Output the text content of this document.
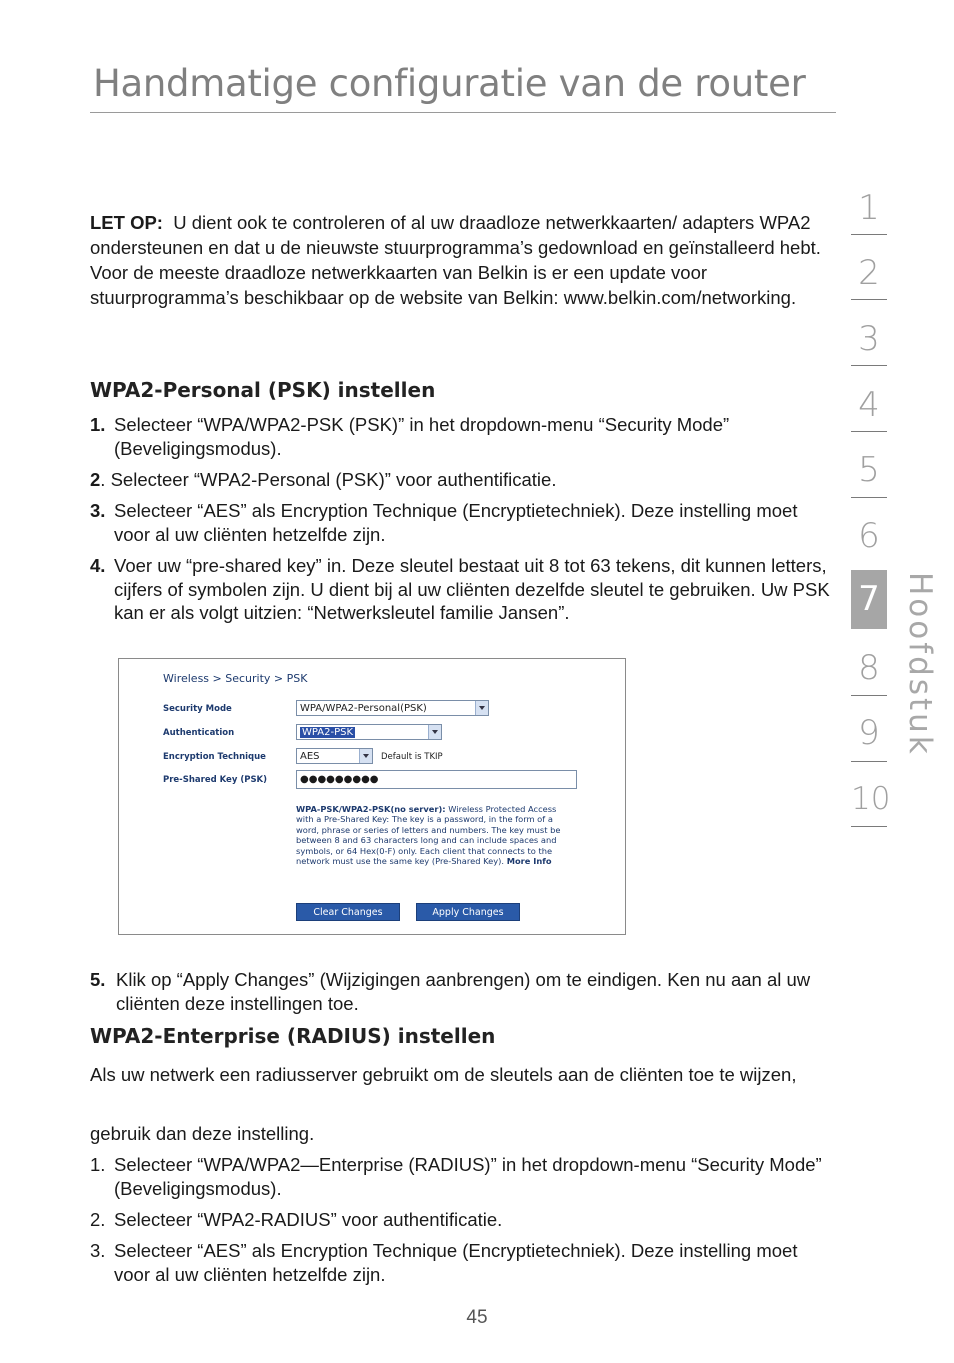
Handmatige configuratie van de router
LET OP: U dient ook te controleren of al uw draadloze netwerkkaarten/ adapters WPA2 ondersteunen en dat u de nieuwste stuurprogramma’s gedownload en geïnstalleerd hebt. Voor de meeste draadloze netwerkkaarten van Belkin is er een update voor stuurprogramma’s beschikbaar op de website van Belkin: www.belkin.com/networking.
WPA2-Personal (PSK) instellen
1. Selecteer “WPA/WPA2-PSK (PSK)” in het dropdown-menu “Security Mode” (Beveligingsmodus).
2. Selecteer “WPA2-Personal (PSK)” voor authentificatie.
3. Selecteer “AES” als Encryption Technique (Encryptietechniek). Deze instelling moet voor al uw cliënten hetzelfde zijn.
4. Voer uw “pre-shared key” in. Deze sleutel bestaat uit 8 tot 63 tekens, dit kunnen letters, cijfers of symbolen zijn. U dient bij al uw cliënten dezelfde sleutel te gebruiken. Uw PSK kan er als volgt uitzien: “Netwerksleutel familie Jansen”.
Wireless > Security > PSK
Security Mode	WPA/WPA2-Personal(PSK)
Authentication	WPA2-PSK
Encryption Technique	AES	Default is TKIP
Pre-Shared Key (PSK)	●●●●●●●●●
WPA-PSK/WPA2-PSK(no server): Wireless Protected Access with a Pre-Shared Key: The key is a password, in the form of a word, phrase or series of letters and numbers. The key must be between 8 and 63 characters long and can include spaces and symbols, or 64 Hex(0-F) only. Each client that connects to the network must use the same key (Pre-Shared Key). More Info
Clear Changes	Apply Changes
5. Klik op “Apply Changes” (Wijzigingen aanbrengen) om te eindigen. Ken nu aan al uw cliënten deze instellingen toe.
WPA2-Enterprise (RADIUS) instellen
Als uw netwerk een radiusserver gebruikt om de sleutels aan de cliënten toe te wijzen,
gebruik dan deze instelling.
1. Selecteer “WPA/WPA2—Enterprise (RADIUS)” in het dropdown-menu “Security Mode” (Beveligingsmodus).
2. Selecteer “WPA2-RADIUS” voor authentificatie.
3. Selecteer “AES” als Encryption Technique (Encryptietechniek). Deze instelling moet voor al uw cliënten hetzelfde zijn.
1
2
3
4
5
6
7
8
9
10
Hoofdstuk
45
